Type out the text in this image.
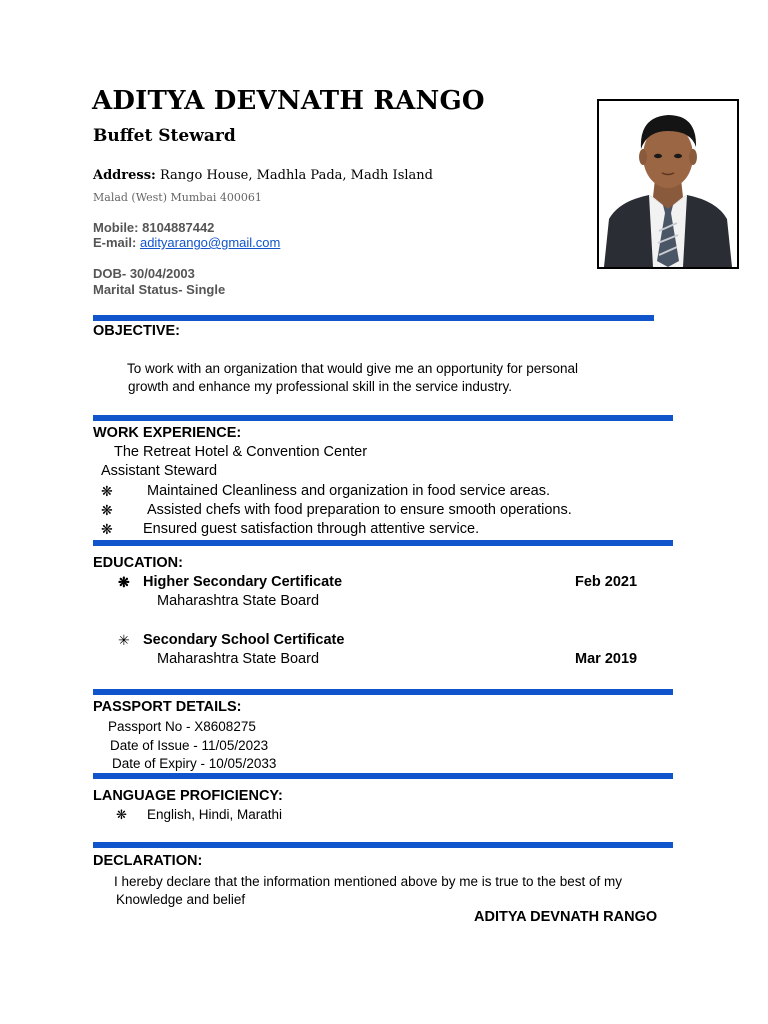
ADITYA DEVNATH RANGO
Buffet Steward
Address: Rango House, Madhla Pada, Madh Island
Malad (West) Mumbai 400061
Mobile: 8104887442
E-mail: adityarango@gmail.com
DOB- 30/04/2003
Marital Status- Single
OBJECTIVE:
To work with an organization that would give me an opportunity for personal
growth and enhance my professional skill in the service industry.
WORK EXPERIENCE:
The Retreat Hotel & Convention Center
Assistant Steward
❋ Maintained Cleanliness and organization in food service areas.
❋ Assisted chefs with food preparation to ensure smooth operations.
❋ Ensured guest satisfaction through attentive service.
EDUCATION:
❋ Higher Secondary Certificate	Feb 2021
Maharashtra State Board
✳ Secondary School Certificate
Maharashtra State Board	Mar 2019
PASSPORT DETAILS:
Passport No - X8608275
Date of Issue - 11/05/2023
Date of Expiry - 10/05/2033
LANGUAGE PROFICIENCY:
❋ English, Hindi, Marathi
DECLARATION:
I hereby declare that the information mentioned above by me is true to the best of my
Knowledge and belief
ADITYA DEVNATH RANGO
